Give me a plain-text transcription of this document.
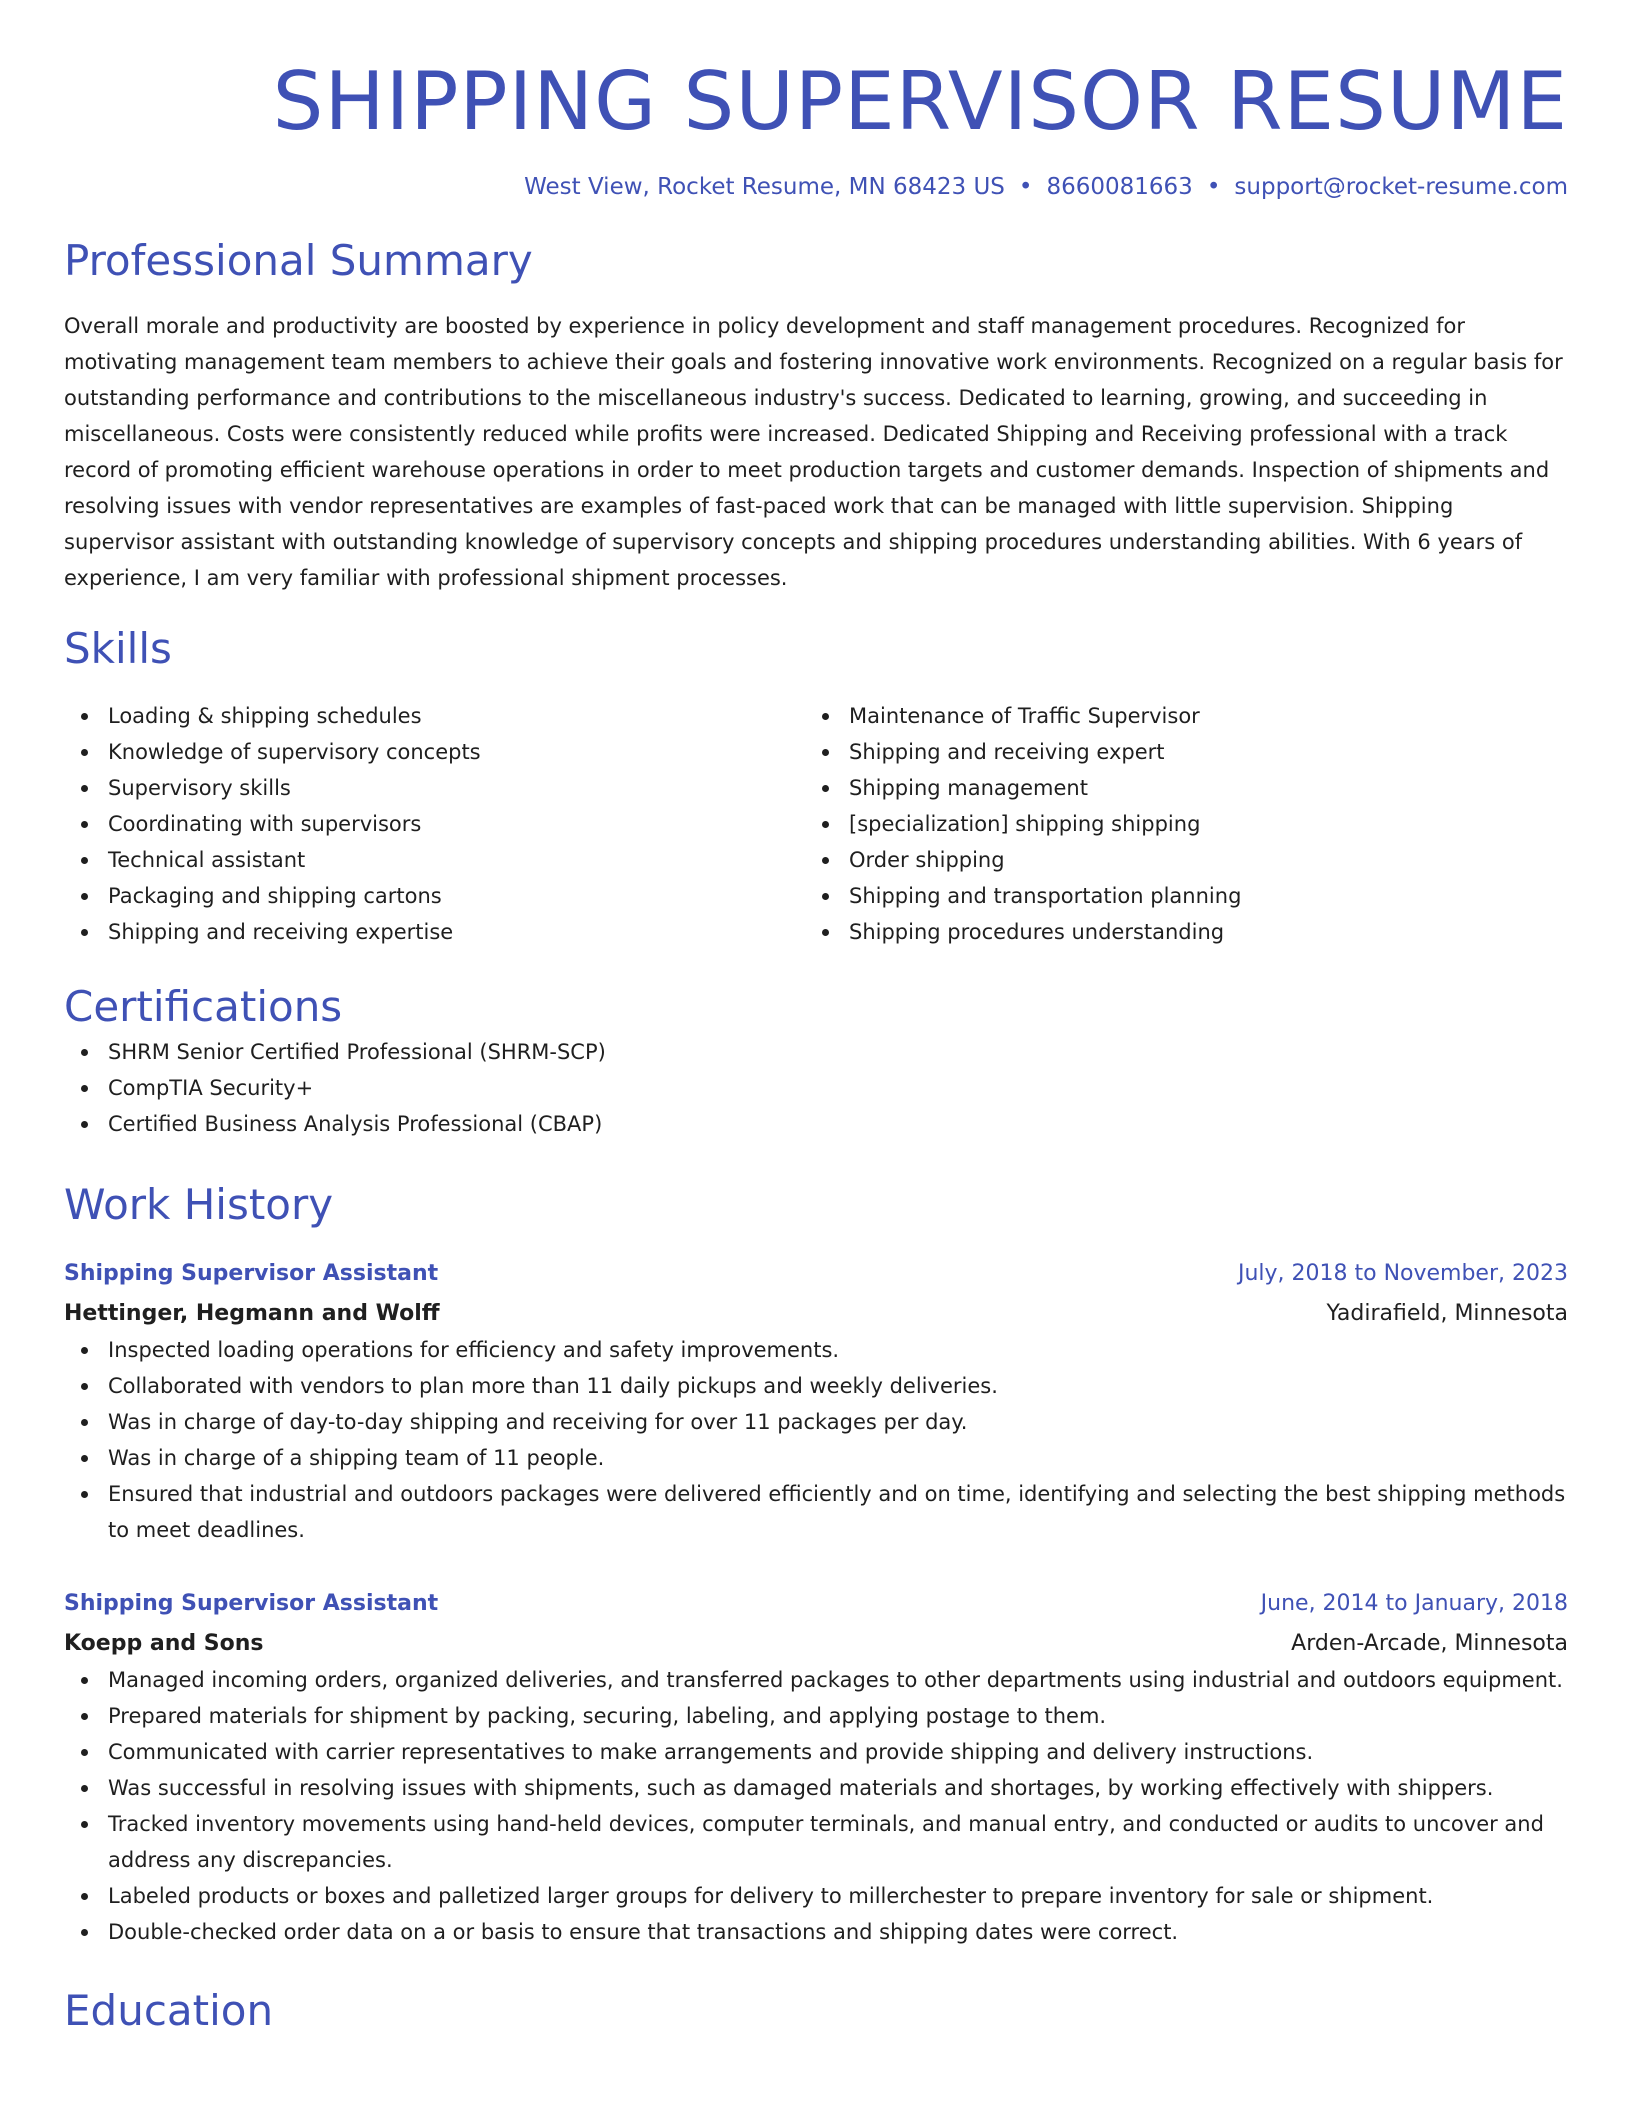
SHIPPING SUPERVISOR RESUME
West View, Rocket Resume, MN 68423 US • 8660081663 • support@rocket-resume.com
Professional Summary
Overall morale and productivity are boosted by experience in policy development and staff management procedures. Recognized for motivating management team members to achieve their goals and fostering innovative work environments. Recognized on a regular basis for outstanding performance and contributions to the miscellaneous industry's success. Dedicated to learning, growing, and succeeding in miscellaneous. Costs were consistently reduced while profits were increased. Dedicated Shipping and Receiving professional with a track record of promoting efficient warehouse operations in order to meet production targets and customer demands. Inspection of shipments and resolving issues with vendor representatives are examples of fast-paced work that can be managed with little supervision. Shipping supervisor assistant with outstanding knowledge of supervisory concepts and shipping procedures understanding abilities. With 6 years of experience, I am very familiar with professional shipment processes.
Skills
Loading & shipping schedules
Knowledge of supervisory concepts
Supervisory skills
Coordinating with supervisors
Technical assistant
Packaging and shipping cartons
Shipping and receiving expertise
Maintenance of Traffic Supervisor
Shipping and receiving expert
Shipping management
[specialization] shipping shipping
Order shipping
Shipping and transportation planning
Shipping procedures understanding
Certifications
SHRM Senior Certified Professional (SHRM-SCP)
CompTIA Security+
Certified Business Analysis Professional (CBAP)
Work History
Shipping Supervisor Assistant	July, 2018 to November, 2023
Hettinger, Hegmann and Wolff	Yadirafield, Minnesota
Inspected loading operations for efficiency and safety improvements.
Collaborated with vendors to plan more than 11 daily pickups and weekly deliveries.
Was in charge of day-to-day shipping and receiving for over 11 packages per day.
Was in charge of a shipping team of 11 people.
Ensured that industrial and outdoors packages were delivered efficiently and on time, identifying and selecting the best shipping methods to meet deadlines.
Shipping Supervisor Assistant	June, 2014 to January, 2018
Koepp and Sons	Arden-Arcade, Minnesota
Managed incoming orders, organized deliveries, and transferred packages to other departments using industrial and outdoors equipment.
Prepared materials for shipment by packing, securing, labeling, and applying postage to them.
Communicated with carrier representatives to make arrangements and provide shipping and delivery instructions.
Was successful in resolving issues with shipments, such as damaged materials and shortages, by working effectively with shippers.
Tracked inventory movements using hand-held devices, computer terminals, and manual entry, and conducted or audits to uncover and address any discrepancies.
Labeled products or boxes and palletized larger groups for delivery to millerchester to prepare inventory for sale or shipment.
Double-checked order data on a or basis to ensure that transactions and shipping dates were correct.
Education
